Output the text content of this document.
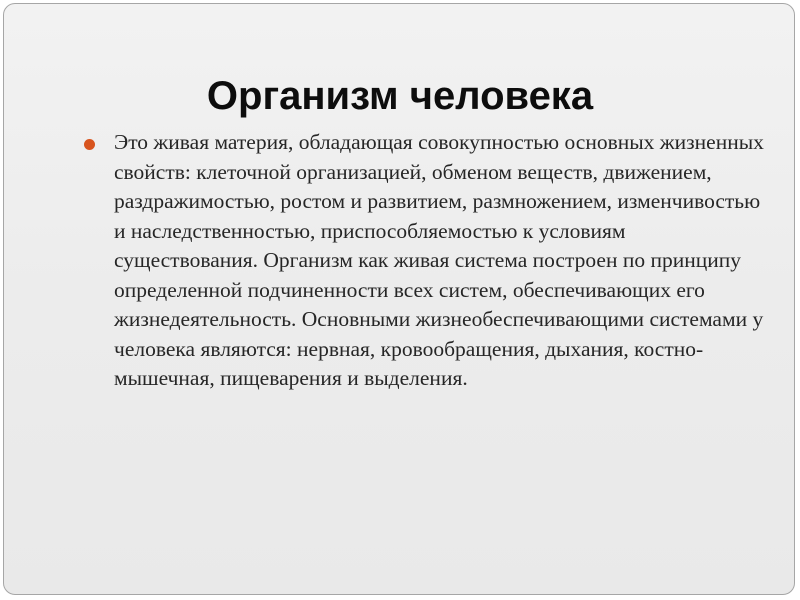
Организм человека
Это живая материя, обладающая совокупностью основных жизненных свойств: клеточной организацией, обменом веществ, движением, раздражимостью, ростом и развитием, размножением, изменчивостью и наследственностью, приспособляемостью к условиям существования. Организм как живая система построен по принципу определенной подчиненности всех систем, обеспечивающих его жизнедеятельность. Основными жизнеобеспечивающими системами у человека являются: нервная, кровообращения, дыхания, костно-мышечная, пищеварения и выделения.
